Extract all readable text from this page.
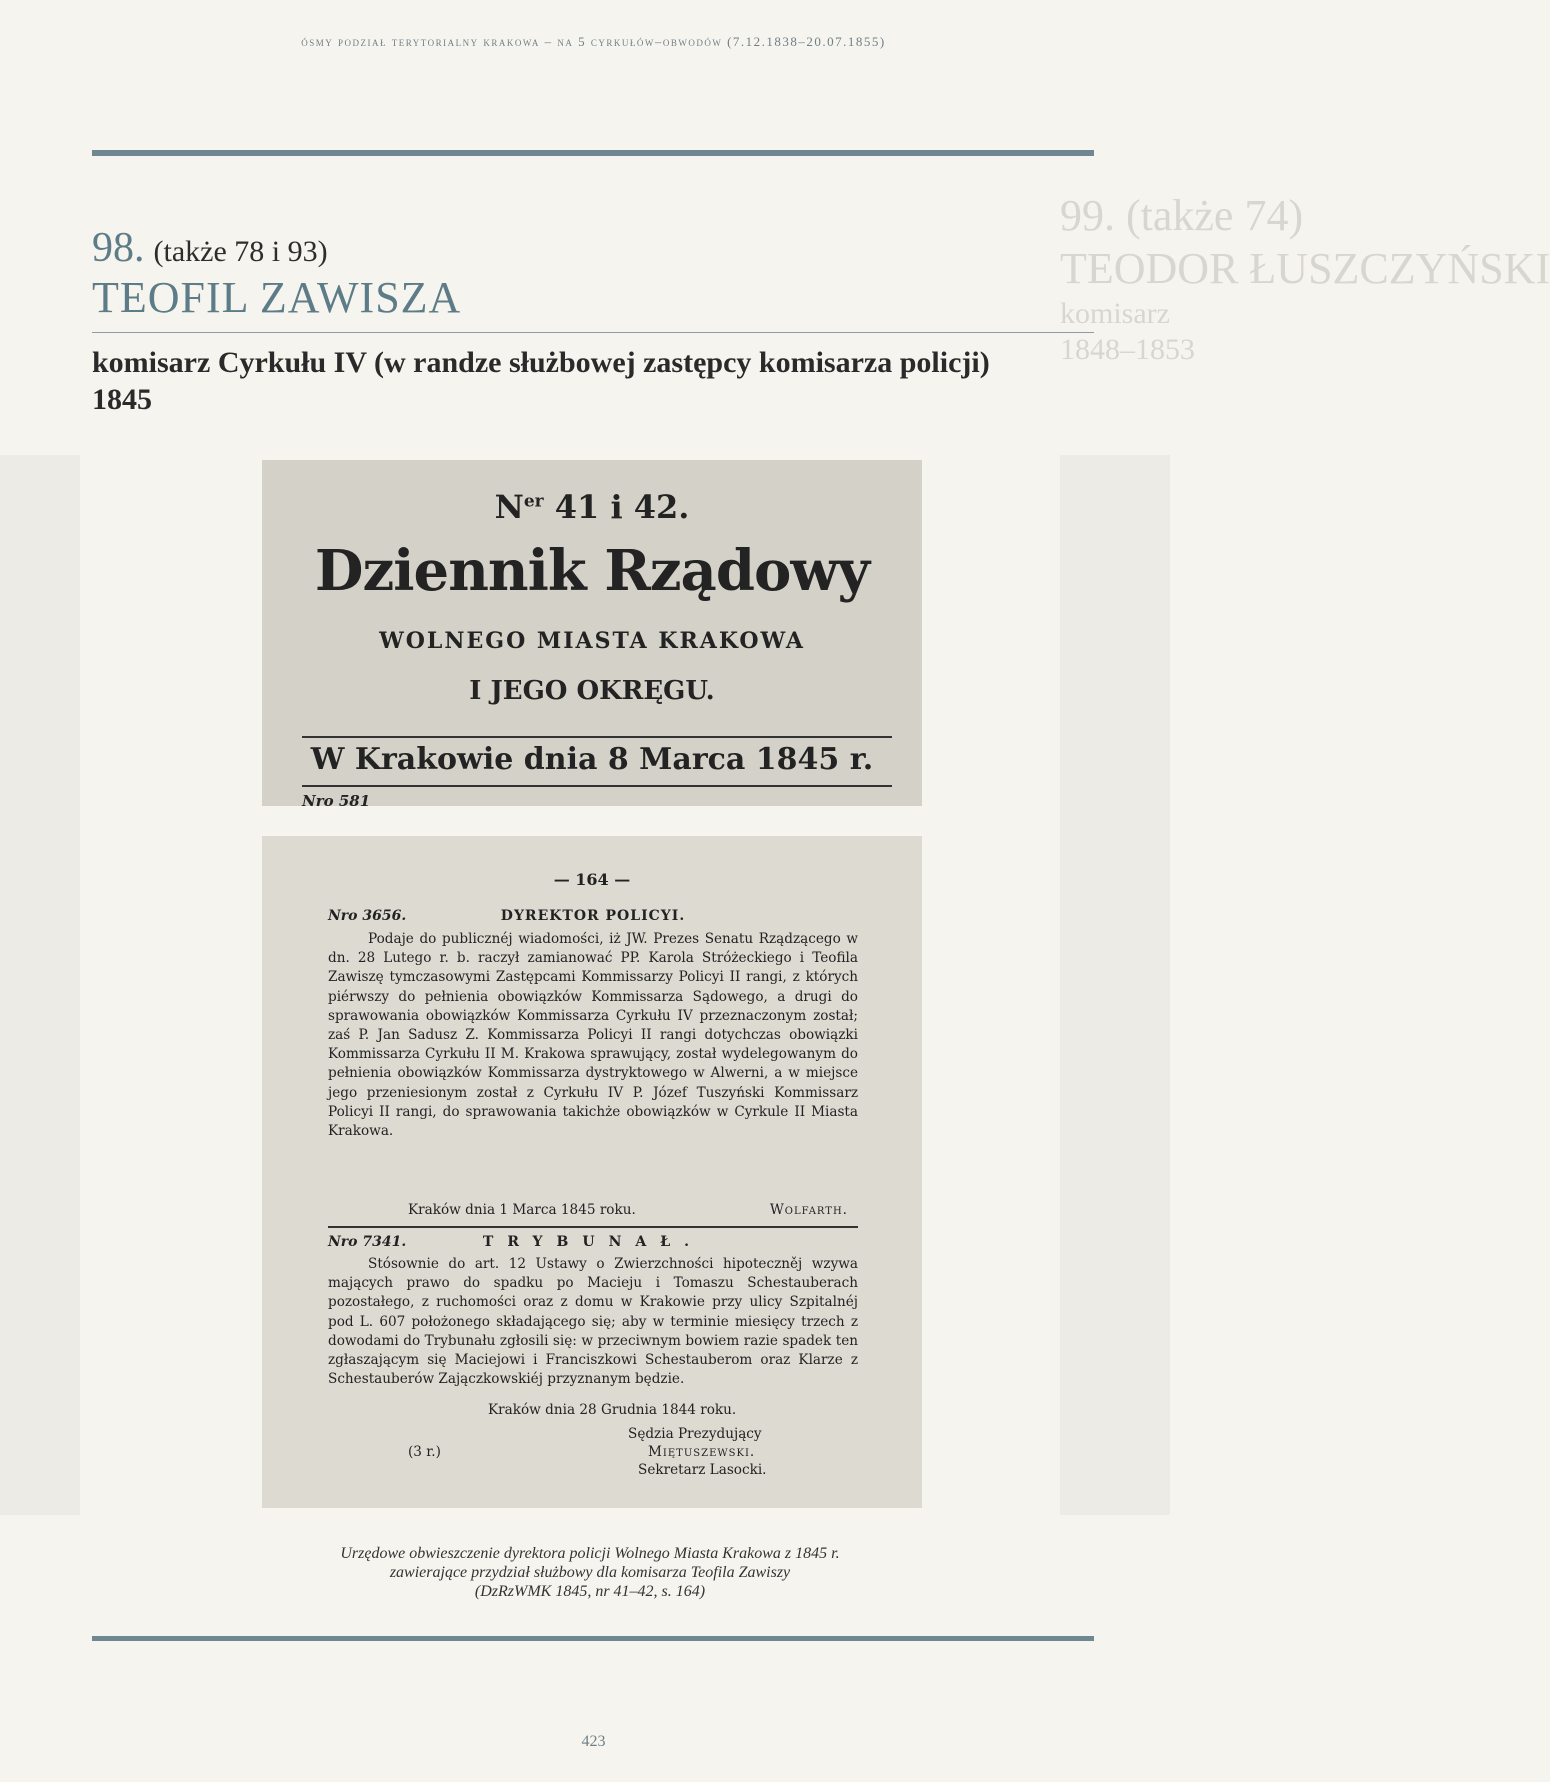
99. (także 74)
TEODOR ŁUSZCZYŃSKI
komisarz
1848–1853
ósmy podział terytorialny krakowa – na 5 cyrkułów–obwodów (7.12.1838–20.07.1855)
98. (także 78 i 93)
TEOFIL ZAWISZA
komisarz Cyrkułu IV (w randze służbowej zastępcy komisarza policji)
1845
$N^{er}$ 41 i 42.
Dziennik Rządowy
WOLNEGO MIASTA KRAKOWA
I JEGO OKRĘGU.
W Krakowie dnia 8 Marca 1845 r.
Nro 581
— 164 —
Nro 3656.	DYREKTOR POLICYI.
Podaje do publicznéj wiadomości, iż JW. Prezes Senatu Rządzącego w dn. 28 Lutego r. b. raczył zamianować PP. Karola Stróżeckiego i Teofila Zawiszę tymczasowymi Zastępcami Kommissarzy Policyi II rangi, z których piérwszy do pełnienia obowiązków Kommissarza Sądowego, a drugi do sprawowania obowiązków Kommissarza Cyrkułu IV przeznaczonym został; zaś P. Jan Sadusz Z. Kommissarza Policyi II rangi dotychczas obowiązki Kommissarza Cyrkułu II M. Krakowa sprawujący, został wydelegowanym do pełnienia obowiązków Kommissarza dystryktowego w Alwerni, a w miejsce jego przeniesionym został z Cyrkułu IV P. Józef Tuszyński Kommissarz Policyi II rangi, do sprawowania takichże obowiązków w Cyrkule II Miasta Krakowa.
Kraków dnia 1 Marca 1845 roku.	Wolfarth.
Nro 7341.	TRYBUNAŁ.
Stósownie do art. 12 Ustawy o Zwierzchności hipoteczněj wzywa mających prawo do spadku po Macieju i Tomaszu Schestauberach pozostałego, z ruchomości oraz z domu w Krakowie przy ulicy Szpitalnéj pod L. 607 położonego składającego się; aby w terminie miesięcy trzech z dowodami do Trybunału zgłosili się: w przeciwnym bowiem razie spadek ten zgłaszającym się Maciejowi i Franciszkowi Schestauberom oraz Klarze z Schestauberów Zajączkowskiéj przyznanym będzie.
Kraków dnia 28 Grudnia 1844 roku.
Sędzia Prezydujący
(3 r.)	Miętuszewski.
Sekretarz Lasocki.
Urzędowe obwieszczenie dyrektora policji Wolnego Miasta Krakowa z 1845 r.
zawierające przydział służbowy dla komisarza Teofila Zawiszy
(DzRzWMK 1845, nr 41–42, s. 164)
423
